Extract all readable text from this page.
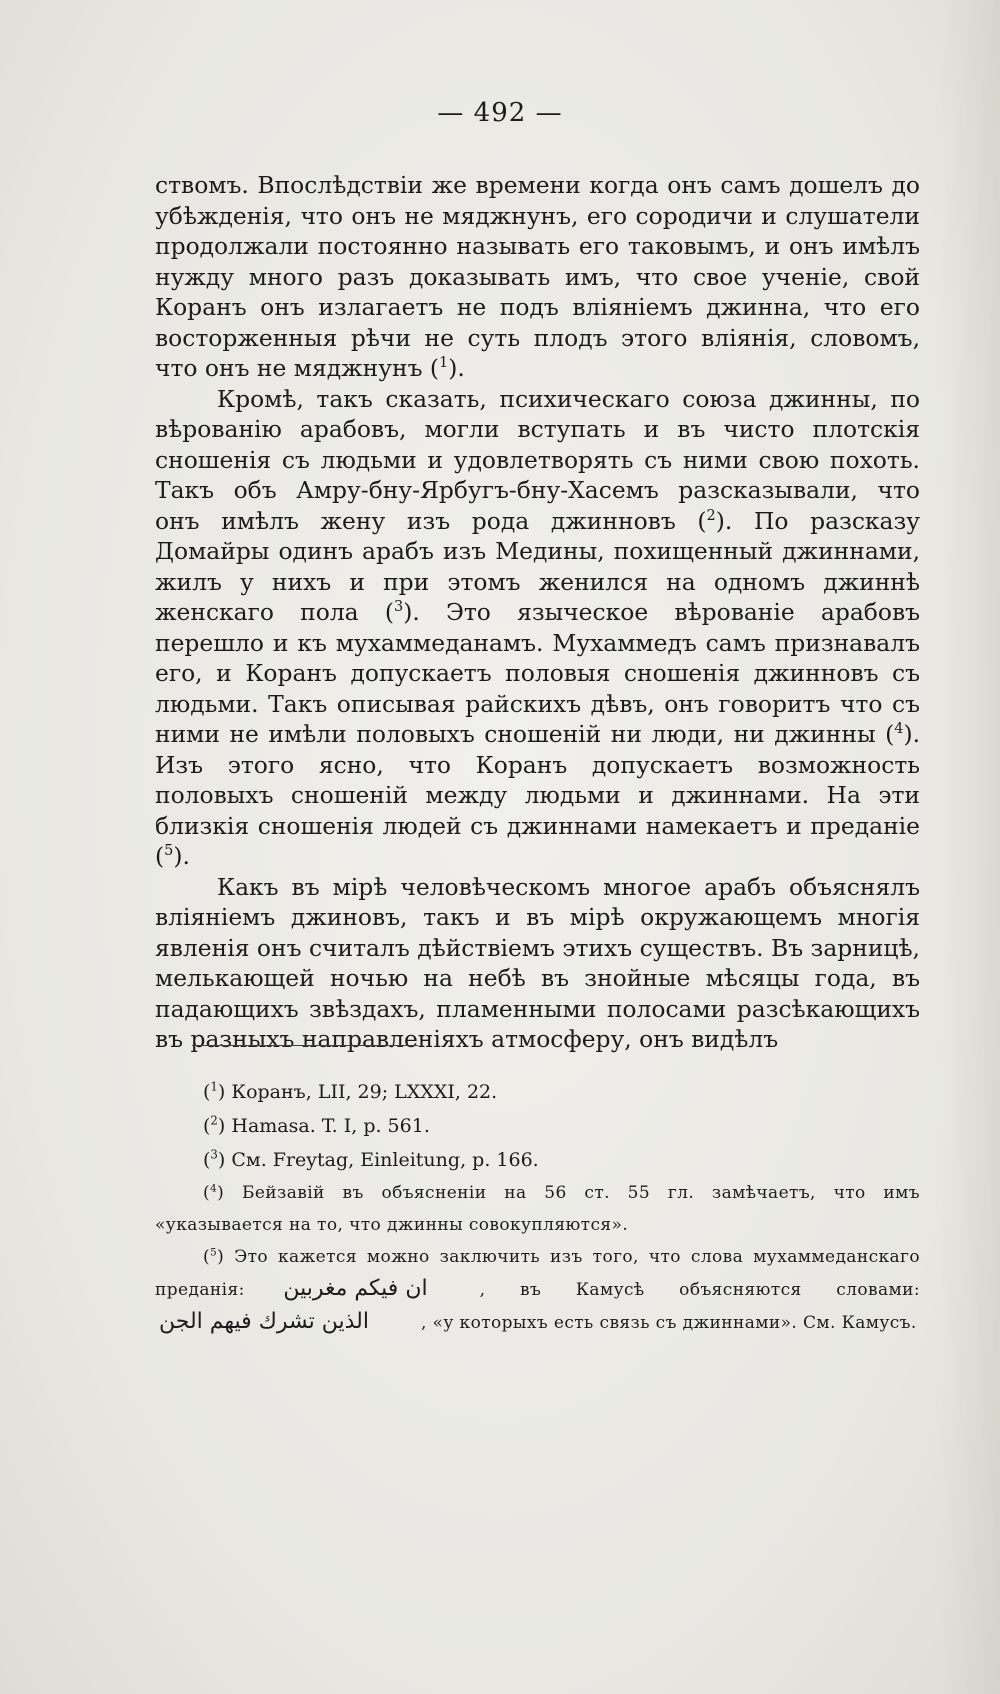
— 492 —

ствомъ. Впослѣдствіи же времени когда онъ самъ дошелъ до убѣжденія, что онъ не мяджнунъ, его сородичи и слушатели продолжали постоянно называть его таковымъ, и онъ имѣлъ нужду много разъ доказывать имъ, что свое ученіе, свой Коранъ онъ излагаетъ не подъ вліяніемъ джинна, что его восторженныя рѣчи не суть плодъ этого вліянія, словомъ, что онъ не мяджнунъ ($^1$).

Кромѣ, такъ сказать, психическаго союза джинны, по вѣрованію арабовъ, могли вступать и въ чисто плотскія сношенія съ людьми и удовлетворять съ ними свою похоть. Такъ объ Амру-бну-Ярбугъ-бну-Хасемъ разсказывали, что онъ имѣлъ жену изъ рода джинновъ ($^2$). По разсказу Домайры одинъ арабъ изъ Медины, похищенный джиннами, жилъ у нихъ и при этомъ женился на одномъ джиннѣ женскаго пола ($^3$). Это языческое вѣрованіе арабовъ перешло и къ мухаммеданамъ. Мухаммедъ самъ признавалъ его, и Коранъ допускаетъ половыя сношенія джинновъ съ людьми. Такъ описывая райскихъ дѣвъ, онъ говоритъ что съ ними не имѣли половыхъ сношеній ни люди, ни джинны ($^4$). Изъ этого ясно, что Коранъ допускаетъ возможность половыхъ сношеній между людьми и джиннами. На эти близкія сношенія людей съ джиннами намекаетъ и преданіе ($^5$).

Какъ въ мірѣ человѣческомъ многое арабъ объяснялъ вліяніемъ джиновъ, такъ и въ мірѣ окружающемъ многія явленія онъ считалъ дѣйствіемъ этихъ существъ. Въ зарницѣ, мелькающей ночью на небѣ въ знойные мѣсяцы года, въ падающихъ звѣздахъ, пламенными полосами разсѣкающихъ въ разныхъ направленіяхъ атмосферу, онъ видѣлъ

($^1$) Коранъ, LII, 29; LXXXI, 22.

($^2$) Hamasa. T. I, p. 561.

($^3$) См. Freytag, Einleitung, p. 166.

($^4$) Бейзавій въ объясненіи на 56 ст. 55 гл. замѣчаетъ, что имъ «указывается на то, что джинны совокупляются».

($^5$) Это кажется можно заключить изъ того, что слова мухаммеданскаго преданія: ان فيكم مغربين	, въ Камусѣ объясняются словами: الذين تشرك فيهم الجن	, «у которыхъ есть связь съ джиннами». См. Камусъ.
